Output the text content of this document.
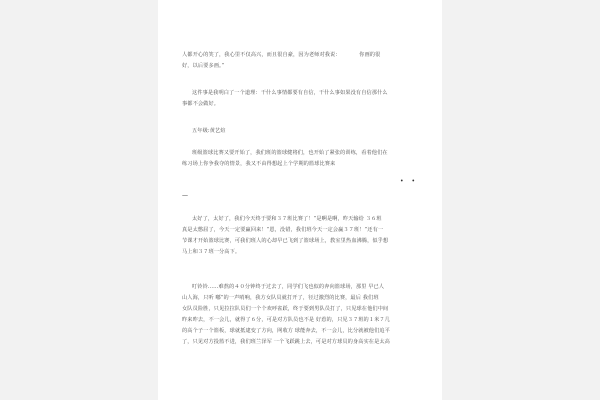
人都开心的笑了，我心里不仅高兴，而且很自豪，因为老师对我说：　　　　你画的很
好，以后要多画。”
这件事是我明白了一个道理：干什么事情都要有自信，干什么事如果没有自信那什么
事都不会做好。
五年级:黄艺煊
班级篮球比赛又要开始了，我们班的篮球健将们，也开始了紧张的训练，看着他们在
练习场上你争我夺的情景，我又不由得想起上个学期的篮球比赛来
• •
—
太好了，太好了，我们今天终于要和３７班比赛了！”是啊是啊，昨天输给 ３６班
真是太憋屈了，今天一定要赢回来！”恩，没错，我们班今天一定会赢３７班！”还有一
节课才开始篮球比赛，可我们班人的心却早已飞到了篮球场上，教室里热血沸腾，似乎想
马上和３７班一分高下。
叮铃铃……难熬的４０分钟终于过去了，同学们飞也似的奔向篮球场，那里 早已人
山人海，只听 嘟”的一声哨响，我方女队员就打开了，径过激烈的比赛，最后 我们班
女队员险胜，只见拉拉队员们一个个欢呼雀跃，终于要到男队员打了，只见球在他们中间
昨来昨去，不一会儿，就得了６分，可是对方队员也不是 好惹的，只见３７班的１米７几
的高个子一个篮板，球就抵逮变了方向，网收方 球能奔去，不一会儿，比分就被他们追平
了，只见对方投篮不进，我们班兰泽军 一个飞跃跳上去，可是对方球员的身高实在是太高
